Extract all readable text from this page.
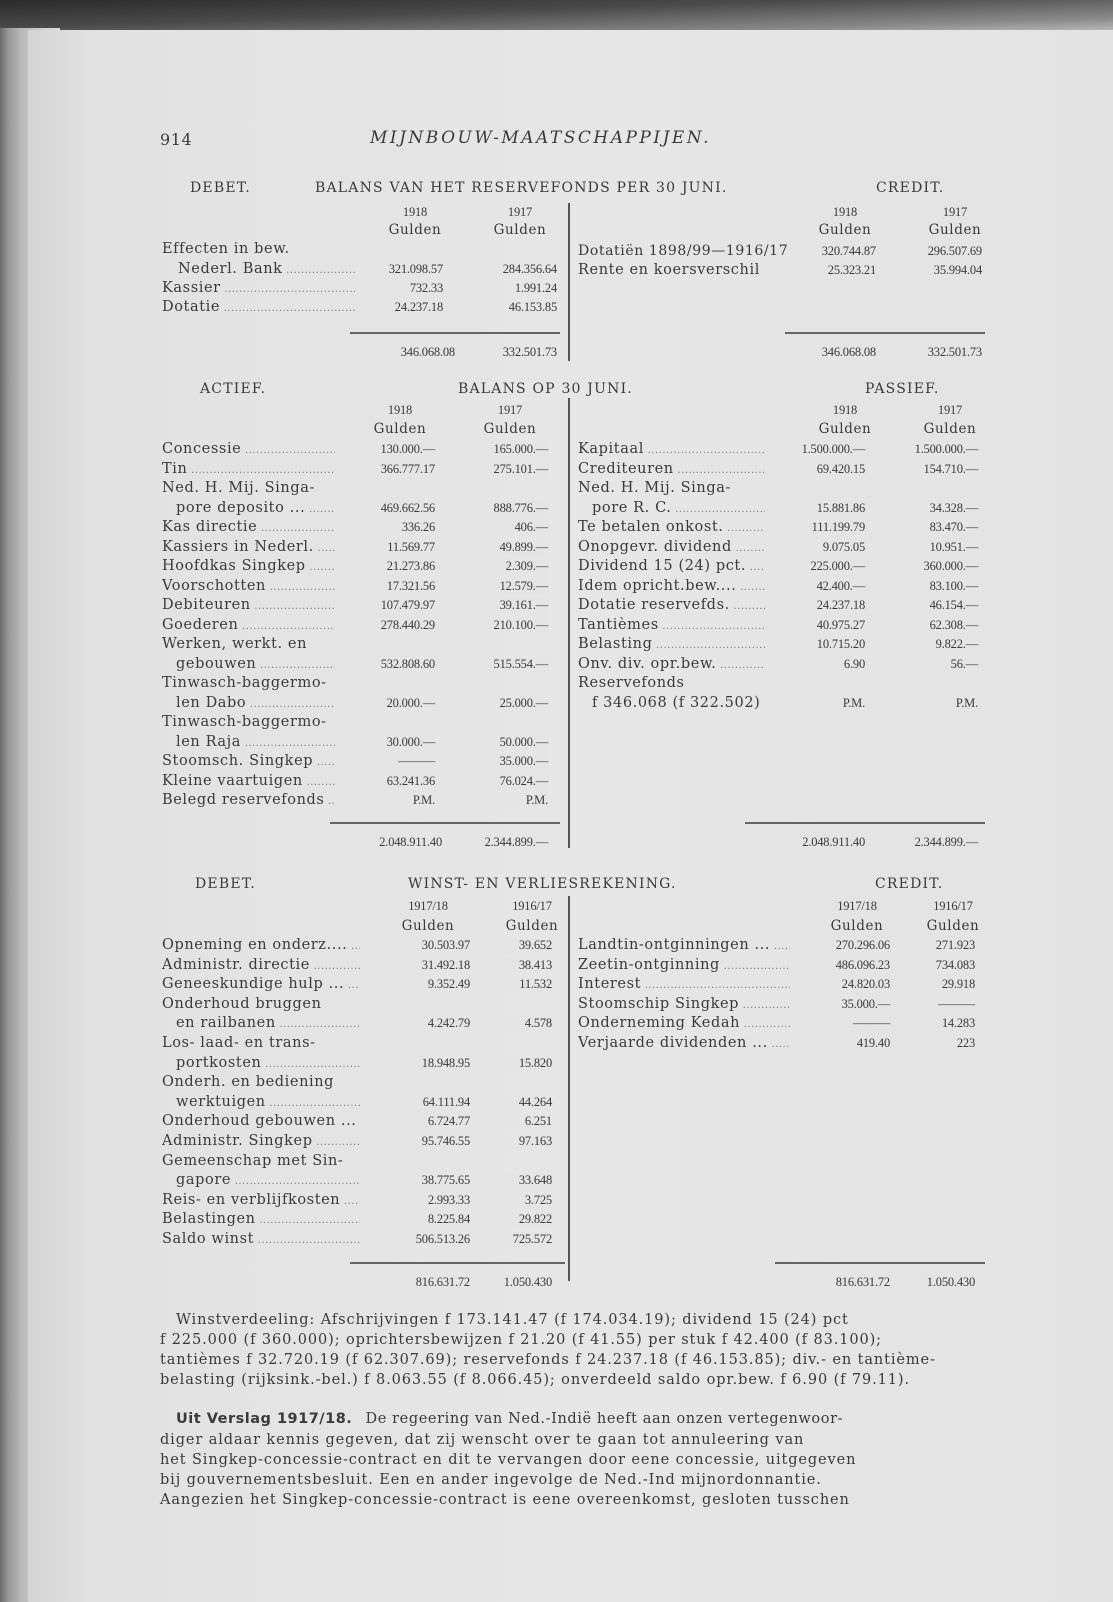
914	MIJNBOUW-MAATSCHAPPIJEN.
DEBET.	BALANS VAN HET RESERVEFONDS PER 30 JUNI.	CREDIT.
1918	1917
Gulden	Gulden
1918	1917
Gulden	Gulden
Effecten in bew.
Nederl. Bank .....	321.098.57	284.356.64
Kassier .....	732.33	1.991.24
Dotatie .....	24.237.18	46.153.85
Dotatiën 1898/99—1916/17	320.744.87	296.507.69
Rente en koersverschil	25.323.21	35.994.04
346.068.08	332.501.73	346.068.08	332.501.73
ACTIEF.	BALANS OP 30 JUNI.	PASSIEF.
1918	1917
Gulden	Gulden
1918	1917
Gulden	Gulden
Concessie .....	130.000.—	165.000.—
Tin .....	366.777.17	275.101.—
Ned. H. Mij. Singa-
pore deposito ... .....	469.662.56	888.776.—
Kas directie .....	336.26	406.—
Kassiers in Nederl. .....	11.569.77	49.899.—
Hoofdkas Singkep .....	21.273.86	2.309.—
Voorschotten .....	17.321.56	12.579.—
Debiteuren .....	107.479.97	39.161.—
Goederen .....	278.440.29	210.100.—
Werken, werkt. en
gebouwen .....	532.808.60	515.554.—
Tinwasch-baggermo-
len Dabo .....	20.000.—	25.000.—
Tinwasch-baggermo-
len Raja .....	30.000.—	50.000.—
Stoomsch. Singkep .....	———	35.000.—
Kleine vaartuigen .....	63.241.36	76.024.—
Belegd reservefonds .....	P.M.	P.M.
Kapitaal .....	1.500.000.—	1.500.000.—
Crediteuren .....	69.420.15	154.710.—
Ned. H. Mij. Singa-
pore R. C. .....	15.881.86	34.328.—
Te betalen onkost. .....	111.199.79	83.470.—
Onopgevr. dividend .....	9.075.05	10.951.—
Dividend 15 (24) pct. .....	225.000.—	360.000.—
Idem opricht.bew.... .....	42.400.—	83.100.—
Dotatie reservefds. .....	24.237.18	46.154.—
Tantièmes .....	40.975.27	62.308.—
Belasting .....	10.715.20	9.822.—
Onv. div. opr.bew. .....	6.90	56.—
Reservefonds
f 346.068 (f 322.502) .....	P.M.	P.M.
2.048.911.40	2.344.899.—	2.048.911.40	2.344.899.—
DEBET.	WINST- EN VERLIESREKENING.	CREDIT.
1917/18	1916/17
Gulden	Gulden
1917/18	1916/17
Gulden	Gulden
Opneming en onderz.... .....	30.503.97	39.652
Administr. directie .....	31.492.18	38.413
Geneeskundige hulp ... .....	9.352.49	11.532
Onderhoud bruggen
en railbanen .....	4.242.79	4.578
Los- laad- en trans-
portkosten .....	18.948.95	15.820
Onderh. en bediening
werktuigen .....	64.111.94	44.264
Onderhoud gebouwen ... .....	6.724.77	6.251
Administr. Singkep .....	95.746.55	97.163
Gemeenschap met Sin-
gapore .....	38.775.65	33.648
Reis- en verblijfkosten .....	2.993.33	3.725
Belastingen .....	8.225.84	29.822
Saldo winst .....	506.513.26	725.572
Landtin-ontginningen ... .....	270.296.06	271.923
Zeetin-ontginning .....	486.096.23	734.083
Interest .....	24.820.03	29.918
Stoomschip Singkep .....	35.000.—	———
Onderneming Kedah .....	———	14.283
Verjaarde dividenden ... .....	419.40	223
816.631.72	1.050.430	816.631.72	1.050.430
Winstverdeeling: Afschrijvingen f 173.141.47 (f 174.034.19); dividend 15 (24) pct
f 225.000 (f 360.000); oprichtersbewijzen f 21.20 (f 41.55) per stuk f 42.400 (f 83.100);
tantièmes f 32.720.19 (f 62.307.69); reservefonds f 24.237.18 (f 46.153.85); div.- en tantième-
belasting (rijksink.-bel.) f 8.063.55 (f 8.066.45); onverdeeld saldo opr.bew. f 6.90 (f 79.11).
Uit Verslag 1917/18. De regeering van Ned.-Indië heeft aan onzen vertegenwoor-
diger aldaar kennis gegeven, dat zij wenscht over te gaan tot annuleering van
het Singkep-concessie-contract en dit te vervangen door eene concessie, uitgegeven
bij gouvernementsbesluit. Een en ander ingevolge de Ned.-Ind mijnordonnantie.
Aangezien het Singkep-concessie-contract is eene overeenkomst, gesloten tusschen
